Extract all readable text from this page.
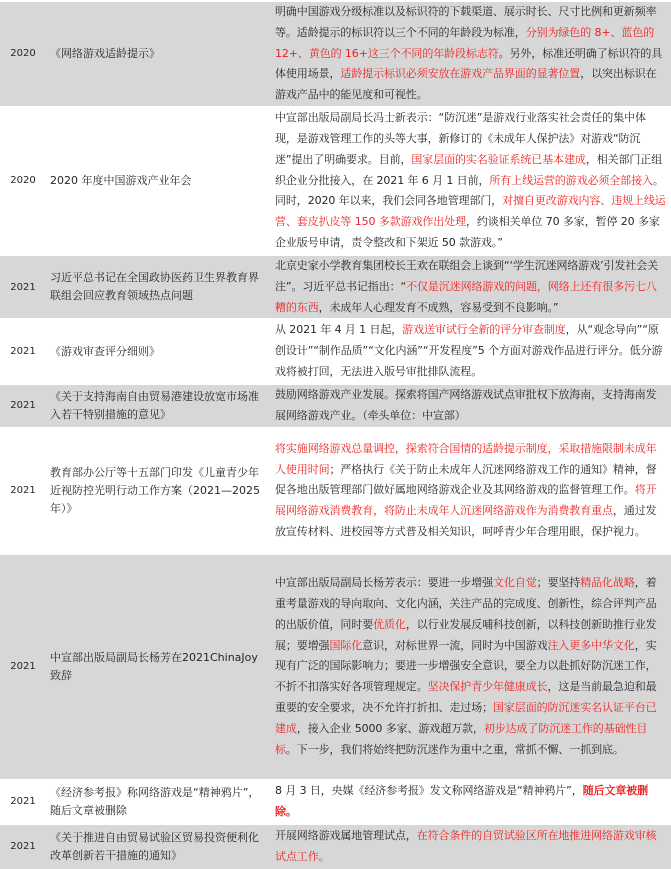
2020	《网络游戏适龄提示》	明确中国游戏分级标准以及标识符的下载渠道、展示时长、尺寸比例和更新频率等。适龄提示的标识符以三个不同的年龄段为标准，分别为绿色的 8+、蓝色的 12+、黄色的 16+这三个不同的年龄段标志符。另外，标准还明确了标识符的具体使用场景，适龄提示标识必须安放在游戏产品界面的显著位置，以突出标识在游戏产品中的能见度和可视性。
2020	2020 年度中国游戏产业年会	中宣部出版局副局长冯士新表示：“防沉迷”是游戏行业落实社会责任的集中体现，是游戏管理工作的头等大事，新修订的《未成年人保护法》对游戏“防沉迷”提出了明确要求。目前，国家层面的实名验证系统已基本建成，相关部门正组织企业分批接入，在 2021 年 6 月 1 日前，所有上线运营的游戏必须全部接入。同时，2020 年以来，我们会同各地管理部门，对擅自更改游戏内容、违规上线运营、套皮扒皮等 150 多款游戏作出处理，约谈相关单位 70 多家，暂停 20 多家企业版号申请，责令整改和下架近 50 款游戏。”
2021	习近平总书记在全国政协医药卫生界教育界联组会回应教育领域热点问题	北京史家小学教育集团校长王欢在联组会上谈到“‘学生沉迷网络游戏’引发社会关注”。习近平总书记指出：“不仅是沉迷网络游戏的问题，网络上还有很多污七八糟的东西，未成年人心理发育不成熟，容易受到不良影响。”
2021	《游戏审查评分细则》	从 2021 年 4 月 1 日起，游戏送审试行全新的评分审查制度，从“观念导向”“原创设计”“制作品质”“文化内涵”“开发程度”5 个方面对游戏作品进行评分。低分游戏将被打回，无法进入版号审批排队流程。
2021	《关于支持海南自由贸易港建设放宽市场准入若干特别措施的意见》	鼓励网络游戏产业发展。探索将国产网络游戏试点审批权下放海南，支持海南发展网络游戏产业。（牵头单位：中宣部）
2021	教育部办公厅等十五部门印发《儿童青少年近视防控光明行动工作方案（2021—2025 年）》	将实施网络游戏总量调控，探索符合国情的适龄提示制度，采取措施限制未成年人使用时间；严格执行《关于防止未成年人沉迷网络游戏工作的通知》精神，督促各地出版管理部门做好属地网络游戏企业及其网络游戏的监督管理工作。将开展网络游戏消费教育，将防止未成年人沉迷网络游戏作为消费教育重点，通过发放宣传材料、进校园等方式普及相关知识，呵呼青少年合理用眼，保护视力。
2021	中宣部出版局副局长杨芳在2021ChinaJoy 致辞	中宣部出版局副局长杨芳表示：要进一步增强文化自觉；要坚持精品化战略，着重考量游戏的导向取向、文化内涵，关注产品的完成度、创新性，综合评判产品的出版价值，同时要优质化，以行业发展反哺科技创新，以科技创新助推行业发展；要增强国际化意识，对标世界一流，同时为中国游戏注入更多中华文化，实现有广泛的国际影响力；要进一步增强安全意识，要全力以赴抓好防沉迷工作，不折不扣落实好各项管理规定。坚决保护青少年健康成长，这是当前最急迫和最重要的安全要求，决不允许打折扣、走过场；国家层面的防沉迷实名认证平台已建成，接入企业 5000 多家、游戏超万款，初步达成了防沉迷工作的基础性目标。下一步，我们将始终把防沉迷作为重中之重，常抓不懈、一抓到底。
2021	《经济参考报》称网络游戏是“精神鸦片”，随后文章被删除	8 月 3 日，央媒《经济参考报》发文称网络游戏是“精神鸦片”，随后文章被删除。
2021	《关于推进自由贸易试验区贸易投资便利化改革创新若干措施的通知》	开展网络游戏属地管理试点，在符合条件的自贸试验区所在地推进网络游戏审核试点工作。
